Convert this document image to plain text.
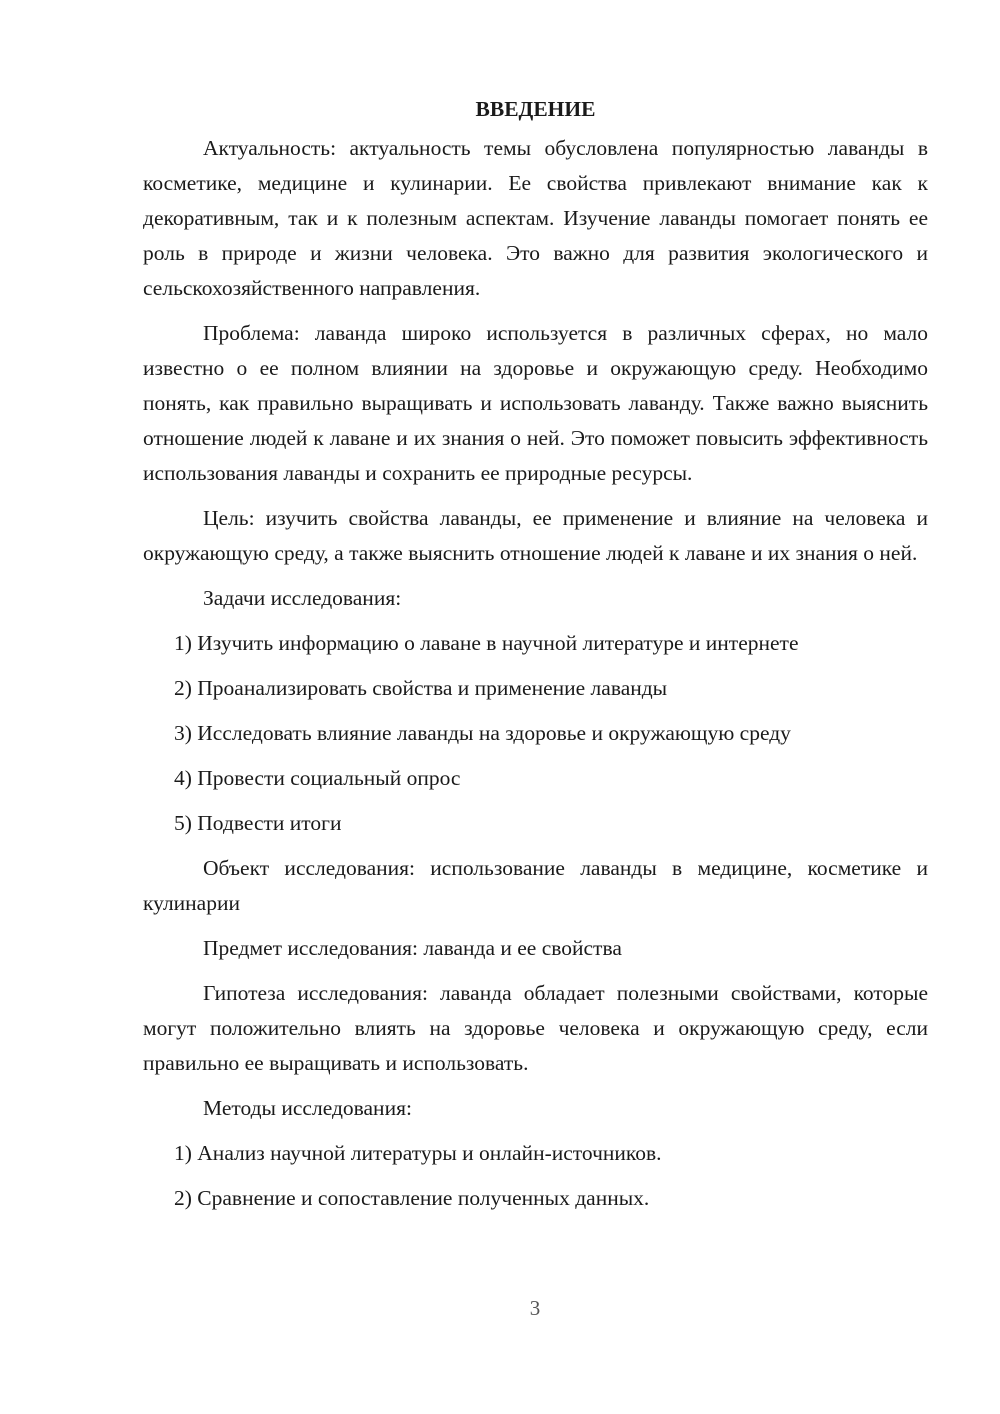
ВВЕДЕНИЕ

Актуальность: актуальность темы обусловлена популярностью лаванды в косметике, медицине и кулинарии. Ее свойства привлекают внимание как к декоративным, так и к полезным аспектам. Изучение лаванды помогает понять ее роль в природе и жизни человека. Это важно для развития экологического и сельскохозяйственного направления.

Проблема: лаванда широко используется в различных сферах, но мало известно о ее полном влиянии на здоровье и окружающую среду. Необходимо понять, как правильно выращивать и использовать лаванду. Также важно выяснить отношение людей к лаване и их знания о ней. Это поможет повысить эффективность использования лаванды и сохранить ее природные ресурсы.

Цель: изучить свойства лаванды, ее применение и влияние на человека и окружающую среду, а также выяснить отношение людей к лаване и их знания о ней.

Задачи исследования:

1) Изучить информацию о лаване в научной литературе и интернете

2) Проанализировать свойства и применение лаванды

3) Исследовать влияние лаванды на здоровье и окружающую среду

4) Провести социальный опрос

5) Подвести итоги

Объект исследования: использование лаванды в медицине, косметике и кулинарии

Предмет исследования: лаванда и ее свойства

Гипотеза исследования: лаванда обладает полезными свойствами, которые могут положительно влиять на здоровье человека и окружающую среду, если правильно ее выращивать и использовать.

Методы исследования:

1) Анализ научной литературы и онлайн-источников.

2) Сравнение и сопоставление полученных данных.

3
